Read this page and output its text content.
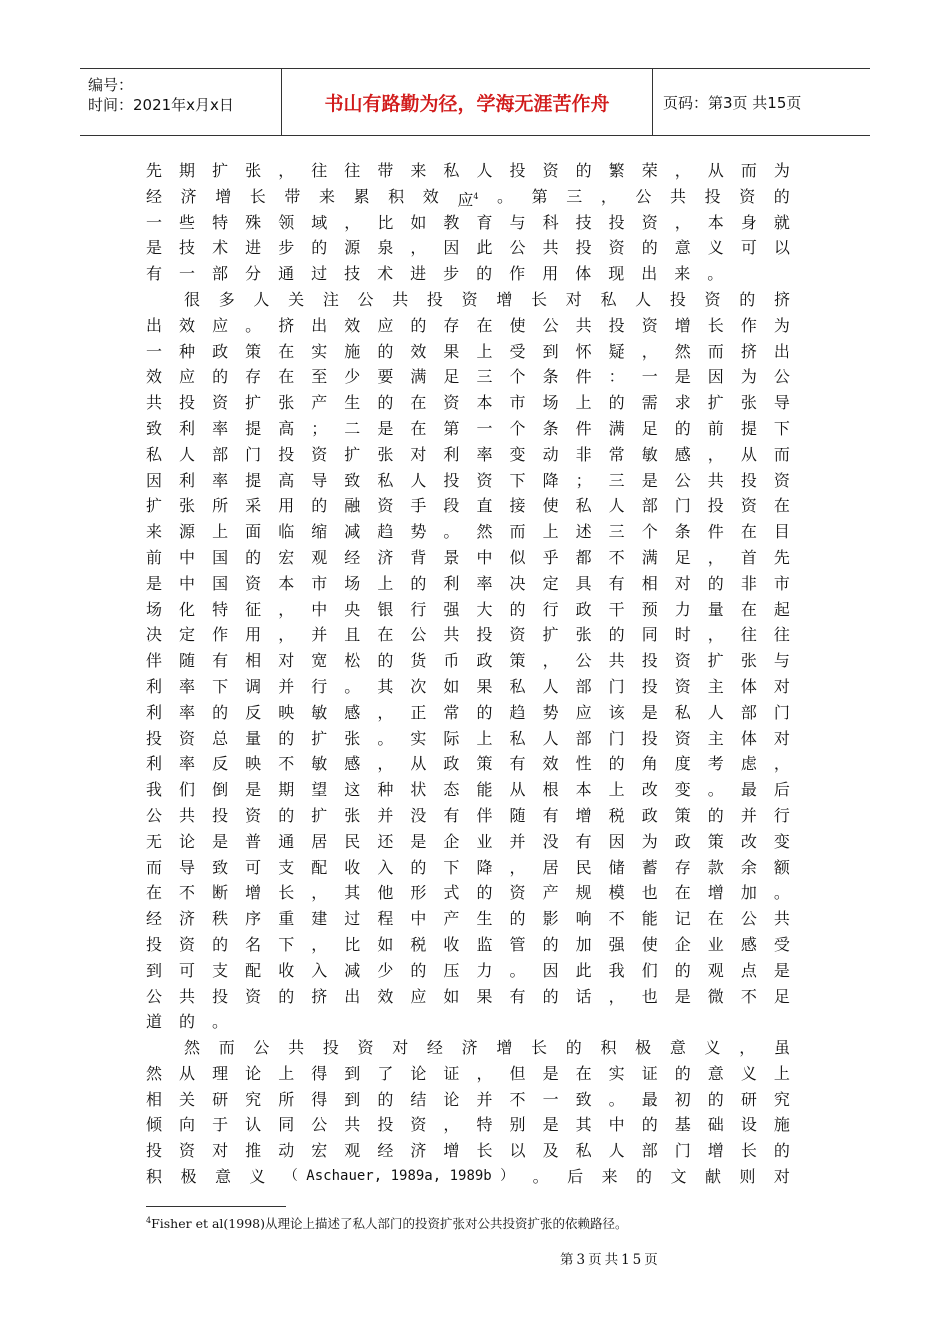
编号：
时间：2021年x月x日	书山有路勤为径，学海无涯苦作舟	页码：第3页 共15页
先 期 扩 张 ， 往 往 带 来 私 人 投 资 的 繁 荣 ， 从 而 为
经 济 增 长 带 来 累 积 效 应$^4$ 。 第 三 ， 公 共 投 资 的
一 些 特 殊 领 域 ， 比 如 教 育 与 科 技 投 资 ， 本 身 就
是 技 术 进 步 的 源 泉 ， 因 此 公 共 投 资 的 意 义 可 以
有 一 部 分 通 过 技 术 进 步 的 作 用 体 现 出 来 。
很 多 人 关 注 公 共 投 资 增 长 对 私 人 投 资 的 挤
出 效 应 。 挤 出 效 应 的 存 在 使 公 共 投 资 增 长 作 为
一 种 政 策 在 实 施 的 效 果 上 受 到 怀 疑 ， 然 而 挤 出
效 应 的 存 在 至 少 要 满 足 三 个 条 件 ： 一 是 因 为 公
共 投 资 扩 张 产 生 的 在 资 本 市 场 上 的 需 求 扩 张 导
致 利 率 提 高 ； 二 是 在 第 一 个 条 件 满 足 的 前 提 下
私 人 部 门 投 资 扩 张 对 利 率 变 动 非 常 敏 感 ， 从 而
因 利 率 提 高 导 致 私 人 投 资 下 降 ； 三 是 公 共 投 资
扩 张 所 采 用 的 融 资 手 段 直 接 使 私 人 部 门 投 资 在
来 源 上 面 临 缩 减 趋 势 。 然 而 上 述 三 个 条 件 在 目
前 中 国 的 宏 观 经 济 背 景 中 似 乎 都 不 满 足 ， 首 先
是 中 国 资 本 市 场 上 的 利 率 决 定 具 有 相 对 的 非 市
场 化 特 征 ， 中 央 银 行 强 大 的 行 政 干 预 力 量 在 起
决 定 作 用 ， 并 且 在 公 共 投 资 扩 张 的 同 时 ， 往 往
伴 随 有 相 对 宽 松 的 货 币 政 策 ， 公 共 投 资 扩 张 与
利 率 下 调 并 行 。 其 次 如 果 私 人 部 门 投 资 主 体 对
利 率 的 反 映 敏 感 ， 正 常 的 趋 势 应 该 是 私 人 部 门
投 资 总 量 的 扩 张 。 实 际 上 私 人 部 门 投 资 主 体 对
利 率 反 映 不 敏 感 ， 从 政 策 有 效 性 的 角 度 考 虑 ，
我 们 倒 是 期 望 这 种 状 态 能 从 根 本 上 改 变 。 最 后
公 共 投 资 的 扩 张 并 没 有 伴 随 有 增 税 政 策 的 并 行
无 论 是 普 通 居 民 还 是 企 业 并 没 有 因 为 政 策 改 变
而 导 致 可 支 配 收 入 的 下 降 ， 居 民 储 蓄 存 款 余 额
在 不 断 增 长 ， 其 他 形 式 的 资 产 规 模 也 在 增 加 。
经 济 秩 序 重 建 过 程 中 产 生 的 影 响 不 能 记 在 公 共
投 资 的 名 下 ， 比 如 税 收 监 管 的 加 强 使 企 业 感 受
到 可 支 配 收 入 减 少 的 压 力 。 因 此 我 们 的 观 点 是
公 共 投 资 的 挤 出 效 应 如 果 有 的 话 ， 也 是 微 不 足
道 的 。
然 而 公 共 投 资 对 经 济 增 长 的 积 极 意 义 ， 虽
然 从 理 论 上 得 到 了 论 证 ， 但 是 在 实 证 的 意 义 上
相 关 研 究 所 得 到 的 结 论 并 不 一 致 。 最 初 的 研 究
倾 向 于 认 同 公 共 投 资 ， 特 别 是 其 中 的 基 础 设 施
投 资 对 推 动 宏 观 经 济 增 长 以 及 私 人 部 门 增 长 的
积 极 意 义 （ Aschauer, 1989a, 1989b ） 。 后 来 的 文 献 则 对
$^4$Fisher et al(1998)从理论上描述了私人部门的投资扩张对公共投资扩张的依赖路径。
第3页共15页
